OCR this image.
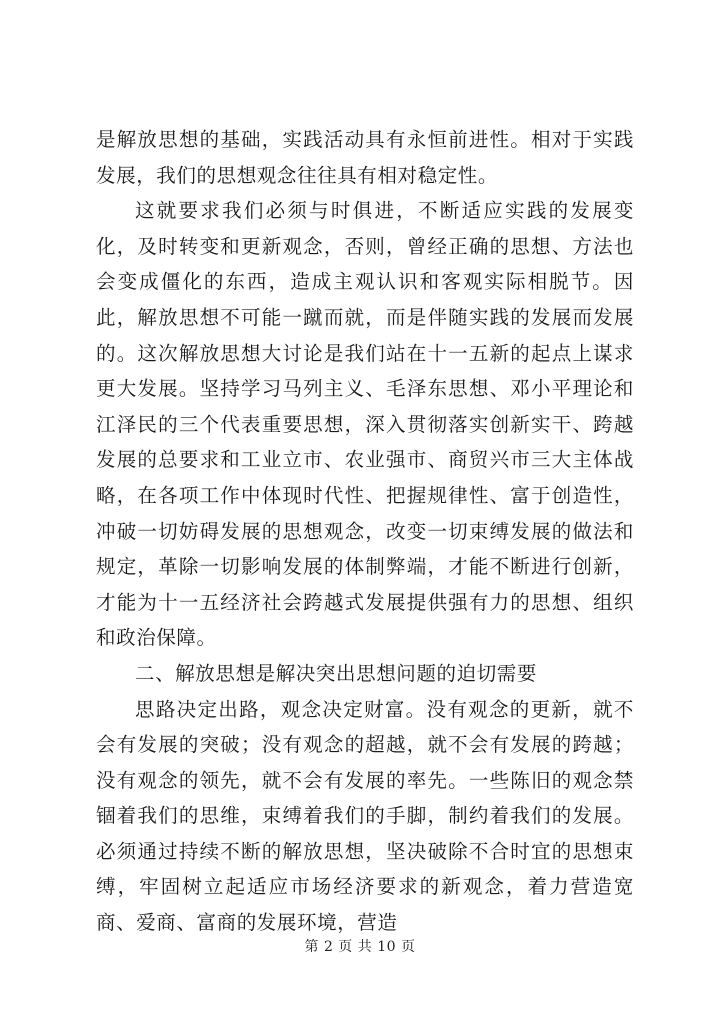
是解放思想的基础，实践活动具有永恒前进性。相对于实践发展，我们的思想观念往往具有相对稳定性。

这就要求我们必须与时俱进，不断适应实践的发展变化，及时转变和更新观念，否则，曾经正确的思想、方法也会变成僵化的东西，造成主观认识和客观实际相脱节。因此，解放思想不可能一蹴而就，而是伴随实践的发展而发展的。这次解放思想大讨论是我们站在十一五新的起点上谋求更大发展。坚持学习马列主义、毛泽东思想、邓小平理论和江泽民的三个代表重要思想，深入贯彻落实创新实干、跨越发展的总要求和工业立市、农业强市、商贸兴市三大主体战略，在各项工作中体现时代性、把握规律性、富于创造性，冲破一切妨碍发展的思想观念，改变一切束缚发展的做法和规定，革除一切影响发展的体制弊端，才能不断进行创新，才能为十一五经济社会跨越式发展提供强有力的思想、组织和政治保障。

二、解放思想是解决突出思想问题的迫切需要

思路决定出路，观念决定财富。没有观念的更新，就不会有发展的突破；没有观念的超越，就不会有发展的跨越；没有观念的领先，就不会有发展的率先。一些陈旧的观念禁锢着我们的思维，束缚着我们的手脚，制约着我们的发展。必须通过持续不断的解放思想，坚决破除不合时宜的思想束缚，牢固树立起适应市场经济要求的新观念，着力营造宽商、爱商、富商的发展环境，营造

第 2 页 共 10 页
